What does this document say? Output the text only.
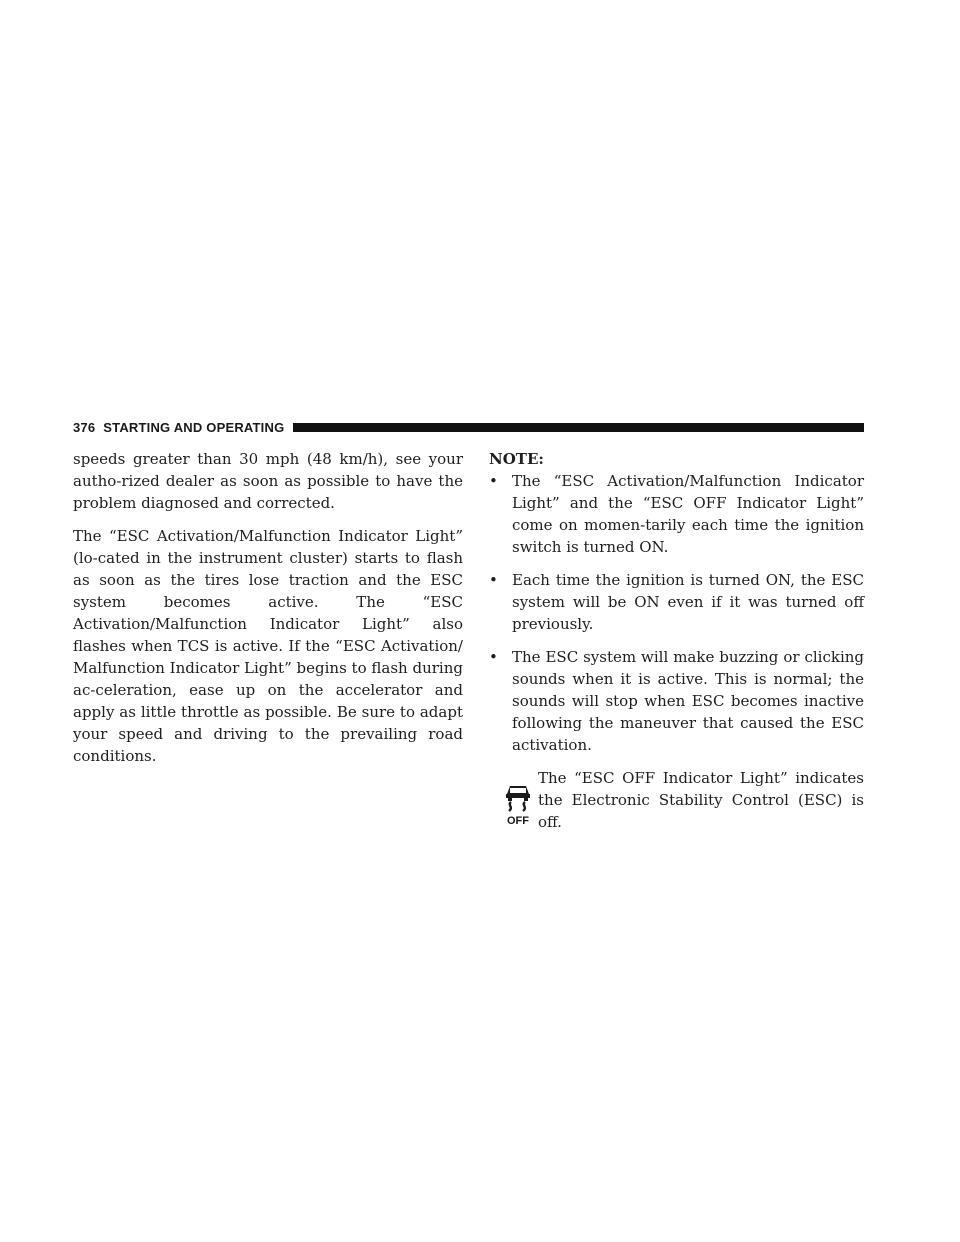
376 STARTING AND OPERATING

speeds greater than 30 mph (48 km/h), see your autho-rized dealer as soon as possible to have the problem diagnosed and corrected.

The “ESC Activation/Malfunction Indicator Light” (lo-cated in the instrument cluster) starts to flash as soon as the tires lose traction and the ESC system becomes active. The “ESC Activation/Malfunction Indicator Light” also flashes when TCS is active. If the “ESC Activation/ Malfunction Indicator Light” begins to flash during ac-celeration, ease up on the accelerator and apply as little throttle as possible. Be sure to adapt your speed and driving to the prevailing road conditions.

NOTE:
• The “ESC Activation/Malfunction Indicator Light” and the “ESC OFF Indicator Light” come on momen-tarily each time the ignition switch is turned ON.
• Each time the ignition is turned ON, the ESC system will be ON even if it was turned off previously.
• The ESC system will make buzzing or clicking sounds when it is active. This is normal; the sounds will stop when ESC becomes inactive following the maneuver that caused the ESC activation.
OFF
The “ESC OFF Indicator Light” indicates the Electronic Stability Control (ESC) is off.
